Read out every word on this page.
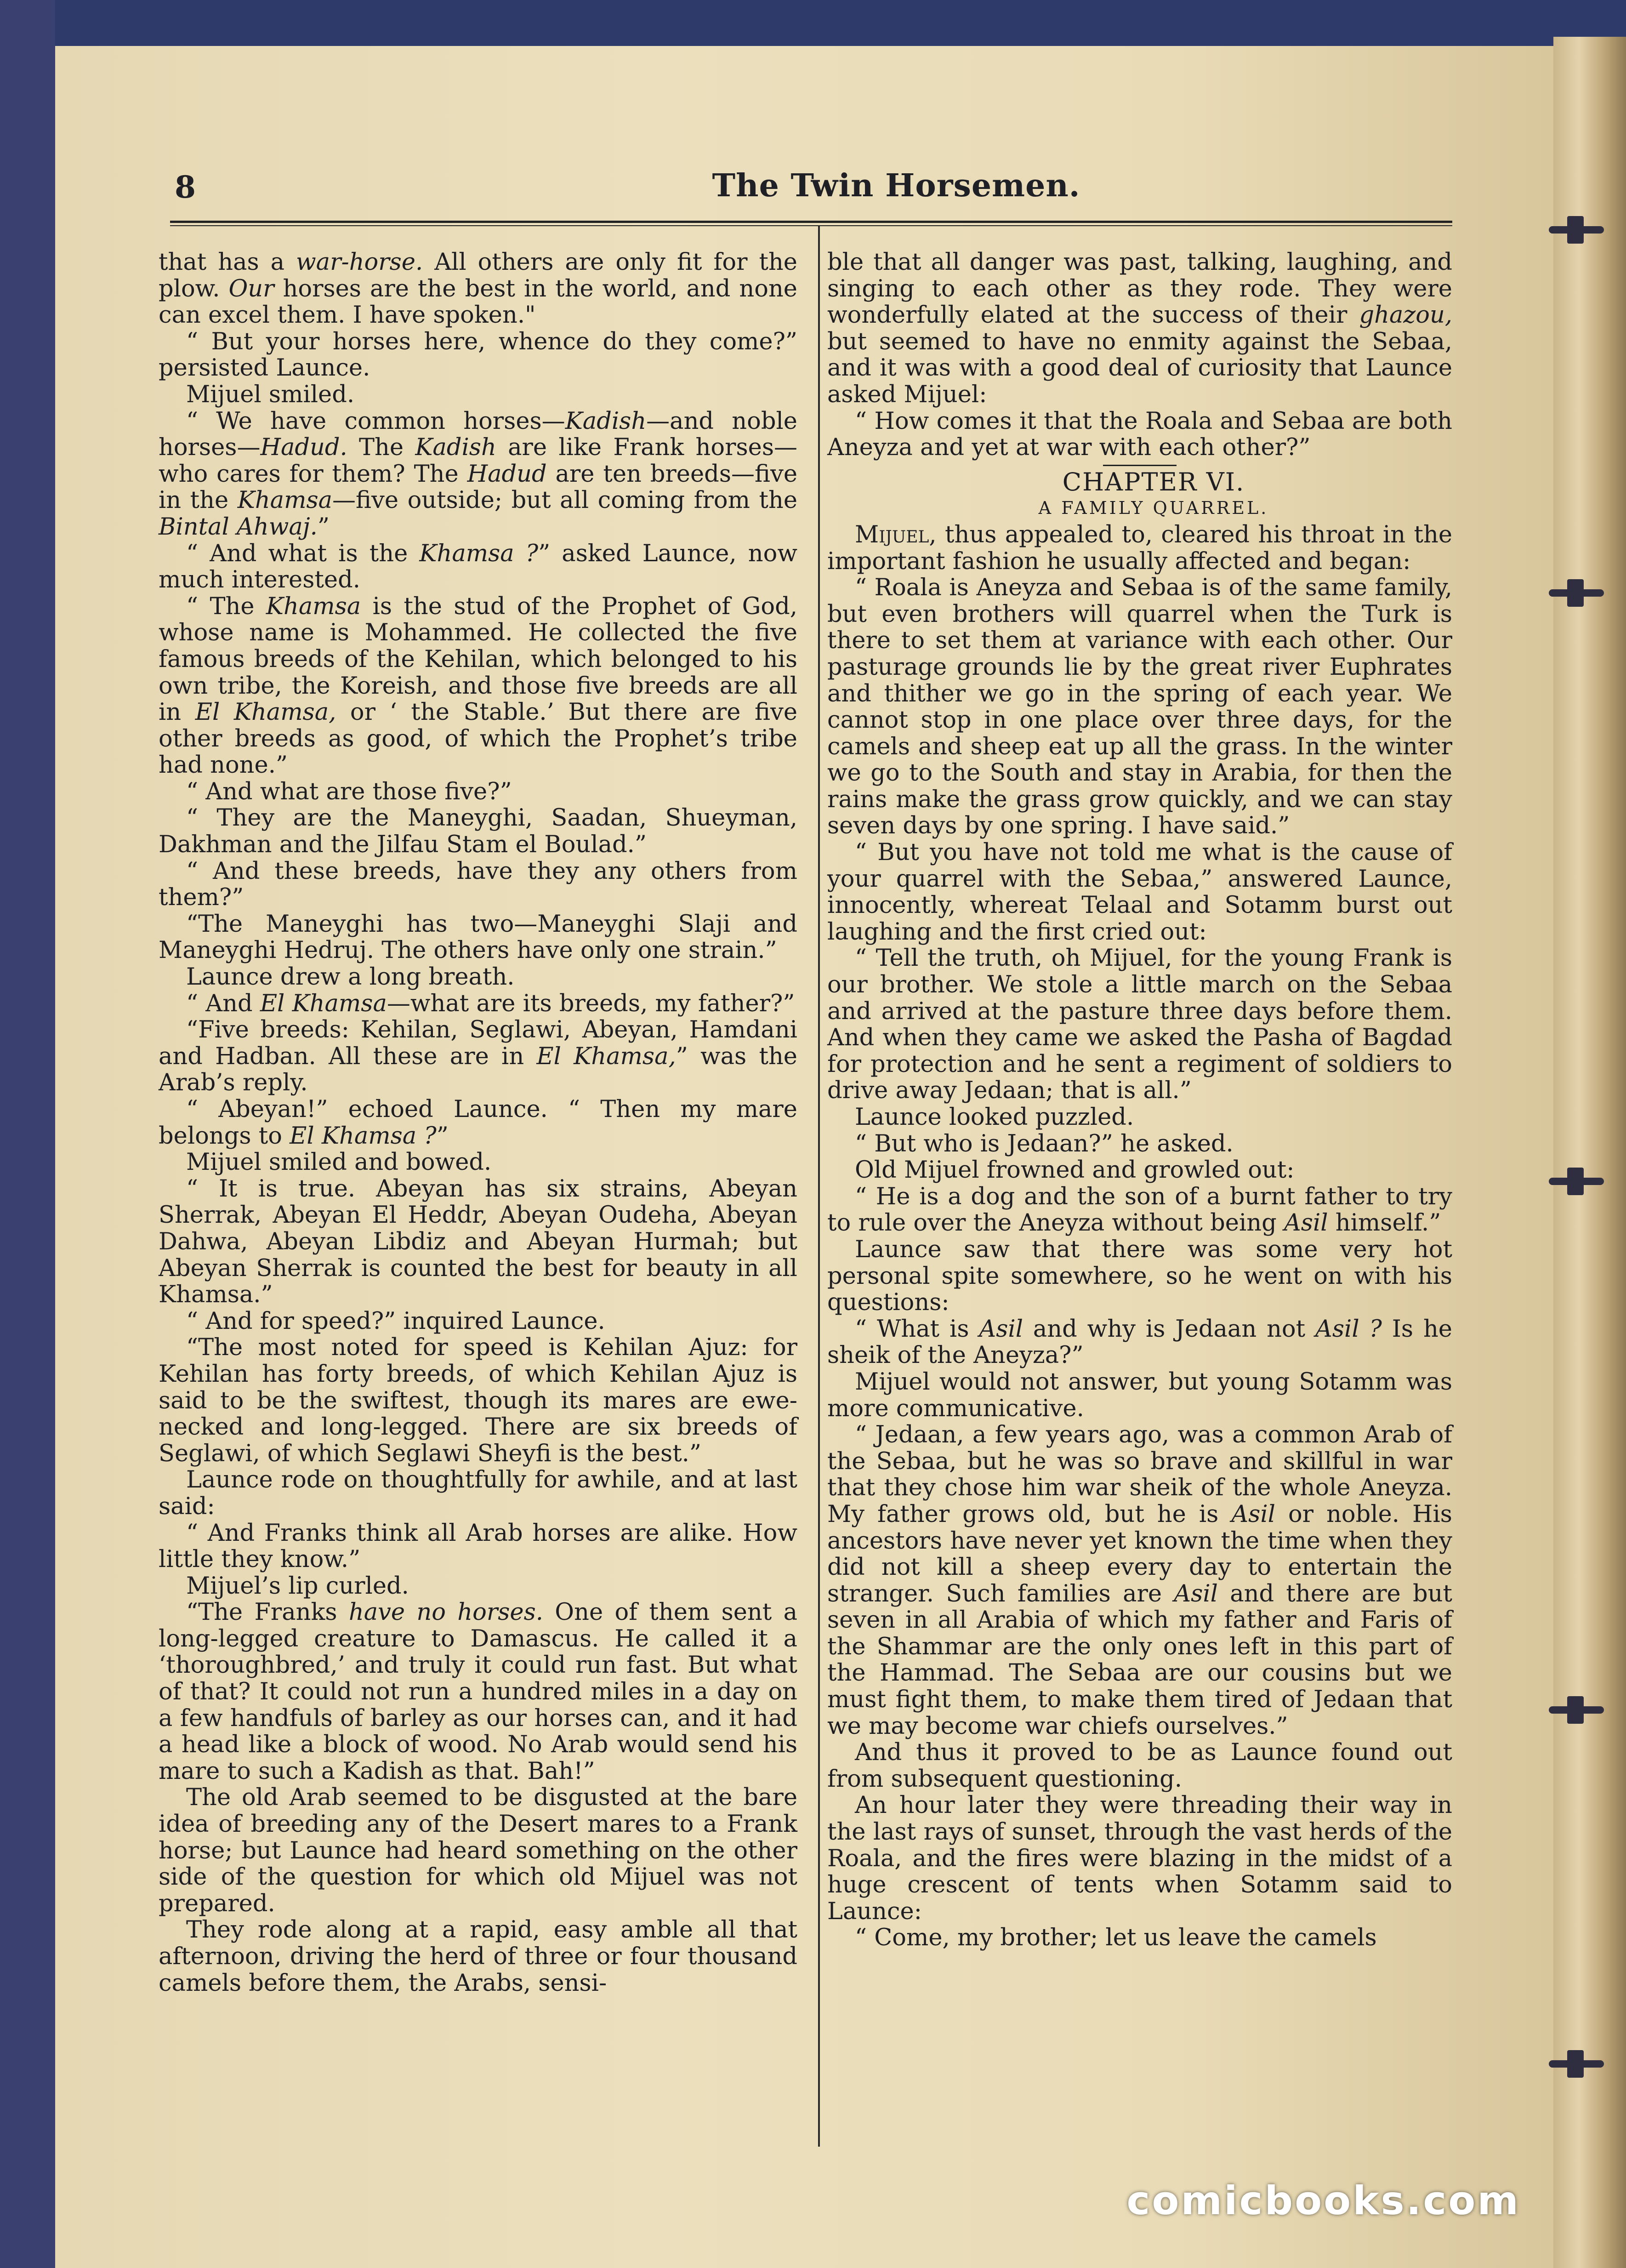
8	The Twin Horsemen.

that has a war-horse. All others are only fit for the plow. Our horses are the best in the world, and none can excel them. I have spoken."

“ But your horses here, whence do they come?” persisted Launce.

Mijuel smiled.

“ We have common horses—Kadish—and noble horses—Hadud. The Kadish are like Frank horses—who cares for them? The Hadud are ten breeds—five in the Khamsa—five outside; but all coming from the Bintal Ahwaj.”

“ And what is the Khamsa ?” asked Launce, now much interested.

“ The Khamsa is the stud of the Prophet of God, whose name is Mohammed. He collected the five famous breeds of the Kehilan, which belonged to his own tribe, the Koreish, and those five breeds are all in El Khamsa, or ‘ the Stable.’ But there are five other breeds as good, of which the Prophet’s tribe had none.”

“ And what are those five?”

“ They are the Maneyghi, Saadan, Shueyman, Dakhman and the Jilfau Stam el Boulad.”

“ And these breeds, have they any others from them?”

“The Maneyghi has two—Maneyghi Slaji and Maneyghi Hedruj. The others have only one strain.”

Launce drew a long breath.

“ And El Khamsa—what are its breeds, my father?”

“Five breeds: Kehilan, Seglawi, Abeyan, Hamdani and Hadban. All these are in El Khamsa,” was the Arab’s reply.

“ Abeyan!” echoed Launce. “ Then my mare belongs to El Khamsa ?”

Mijuel smiled and bowed.

“ It is true. Abeyan has six strains, Abeyan Sherrak, Abeyan El Heddr, Abeyan Oudeha, Abeyan Dahwa, Abeyan Libdiz and Abeyan Hurmah; but Abeyan Sherrak is counted the best for beauty in all Khamsa.”

“ And for speed?” inquired Launce.

“The most noted for speed is Kehilan Ajuz: for Kehilan has forty breeds, of which Kehilan Ajuz is said to be the swiftest, though its mares are ewe-necked and long-legged. There are six breeds of Seglawi, of which Seglawi Sheyfi is the best.”

Launce rode on thoughtfully for awhile, and at last said:

“ And Franks think all Arab horses are alike. How little they know.”

Mijuel’s lip curled.

“The Franks have no horses. One of them sent a long-legged creature to Damascus. He called it a ‘thoroughbred,’ and truly it could run fast. But what of that? It could not run a hundred miles in a day on a few handfuls of barley as our horses can, and it had a head like a block of wood. No Arab would send his mare to such a Kadish as that. Bah!”

The old Arab seemed to be disgusted at the bare idea of breeding any of the Desert mares to a Frank horse; but Launce had heard something on the other side of the question for which old Mijuel was not prepared.

They rode along at a rapid, easy amble all that afternoon, driving the herd of three or four thousand camels before them, the Arabs, sensi-

ble that all danger was past, talking, laughing, and singing to each other as they rode. They were wonderfully elated at the success of their ghazou, but seemed to have no enmity against the Sebaa, and it was with a good deal of curiosity that Launce asked Mijuel:

“ How comes it that the Roala and Sebaa are both Aneyza and yet at war with each other?”

CHAPTER VI.

A FAMILY QUARREL.

Mijuel, thus appealed to, cleared his throat in the important fashion he usually affected and began:

“ Roala is Aneyza and Sebaa is of the same family, but even brothers will quarrel when the Turk is there to set them at variance with each other. Our pasturage grounds lie by the great river Euphrates and thither we go in the spring of each year. We cannot stop in one place over three days, for the camels and sheep eat up all the grass. In the winter we go to the South and stay in Arabia, for then the rains make the grass grow quickly, and we can stay seven days by one spring. I have said.”

“ But you have not told me what is the cause of your quarrel with the Sebaa,” answered Launce, innocently, whereat Telaal and Sotamm burst out laughing and the first cried out:

“ Tell the truth, oh Mijuel, for the young Frank is our brother. We stole a little march on the Sebaa and arrived at the pasture three days before them. And when they came we asked the Pasha of Bagdad for protection and he sent a regiment of soldiers to drive away Jedaan; that is all.”

Launce looked puzzled.

“ But who is Jedaan?” he asked.

Old Mijuel frowned and growled out:

“ He is a dog and the son of a burnt father to try to rule over the Aneyza without being Asil himself.”

Launce saw that there was some very hot personal spite somewhere, so he went on with his questions:

“ What is Asil and why is Jedaan not Asil ? Is he sheik of the Aneyza?”

Mijuel would not answer, but young Sotamm was more communicative.

“ Jedaan, a few years ago, was a common Arab of the Sebaa, but he was so brave and skillful in war that they chose him war sheik of the whole Aneyza. My father grows old, but he is Asil or noble. His ancestors have never yet known the time when they did not kill a sheep every day to entertain the stranger. Such families are Asil and there are but seven in all Arabia of which my father and Faris of the Shammar are the only ones left in this part of the Hammad. The Sebaa are our cousins but we must fight them, to make them tired of Jedaan that we may become war chiefs ourselves.”

And thus it proved to be as Launce found out from subsequent questioning.

An hour later they were threading their way in the last rays of sunset, through the vast herds of the Roala, and the fires were blazing in the midst of a huge crescent of tents when Sotamm said to Launce:

“ Come, my brother; let us leave the camels

comicbooks.com
